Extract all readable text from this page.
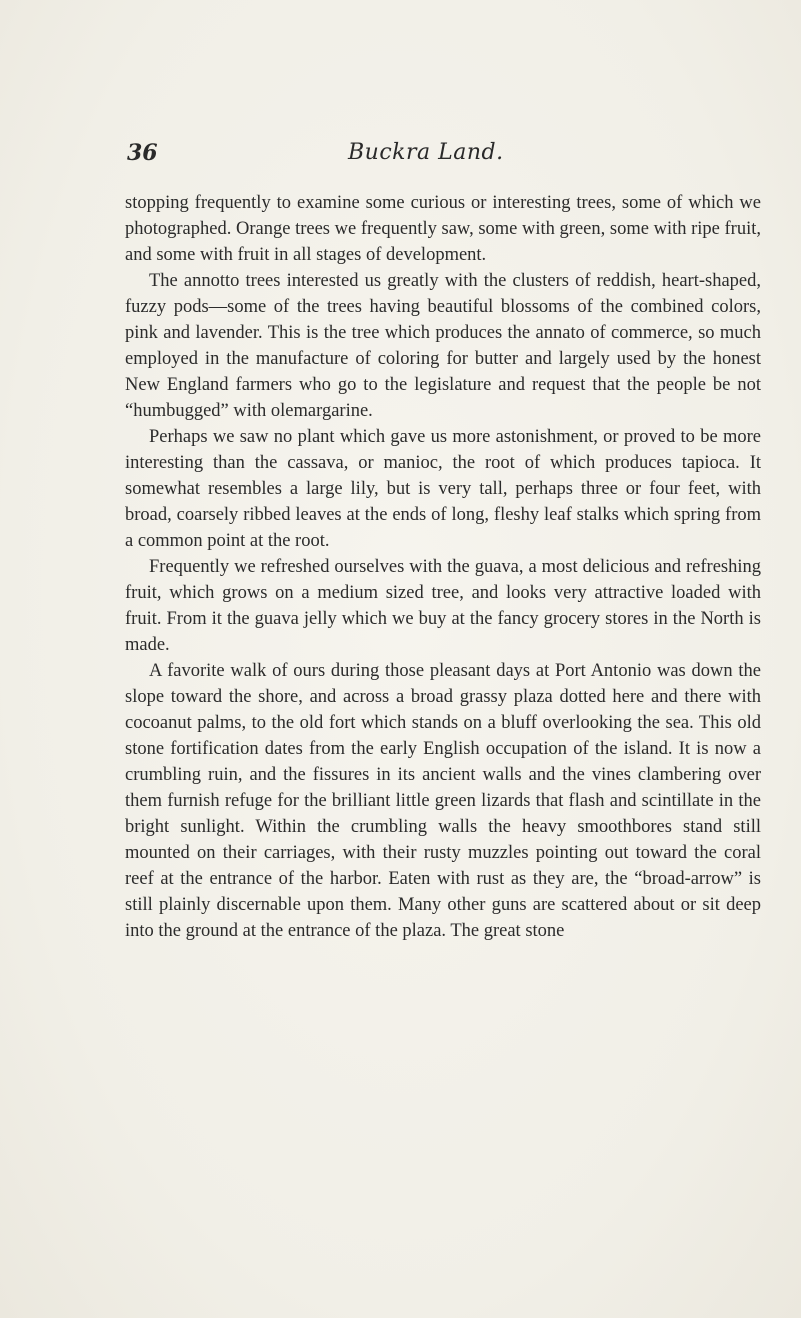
36	Buckra Land.

stopping frequently to examine some curious or interesting trees, some of which we photographed. Orange trees we frequently saw, some with green, some with ripe fruit, and some with fruit in all stages of development.

The annotto trees interested us greatly with the clusters of reddish, heart-shaped, fuzzy pods—some of the trees having beautiful blossoms of the combined colors, pink and lavender. This is the tree which produces the annato of commerce, so much employed in the manufacture of coloring for butter and largely used by the honest New England farmers who go to the legislature and request that the people be not “humbugged” with olemargarine.

Perhaps we saw no plant which gave us more astonishment, or proved to be more interesting than the cassava, or manioc, the root of which produces tapioca. It somewhat resembles a large lily, but is very tall, perhaps three or four feet, with broad, coarsely ribbed leaves at the ends of long, fleshy leaf stalks which spring from a common point at the root.

Frequently we refreshed ourselves with the guava, a most delicious and refreshing fruit, which grows on a medium sized tree, and looks very attractive loaded with fruit. From it the guava jelly which we buy at the fancy grocery stores in the North is made.

A favorite walk of ours during those pleasant days at Port Antonio was down the slope toward the shore, and across a broad grassy plaza dotted here and there with cocoanut palms, to the old fort which stands on a bluff overlooking the sea. This old stone fortification dates from the early English occupation of the island. It is now a crumbling ruin, and the fissures in its ancient walls and the vines clambering over them furnish refuge for the brilliant little green lizards that flash and scintillate in the bright sunlight. Within the crumbling walls the heavy smoothbores stand still mounted on their carriages, with their rusty muzzles pointing out toward the coral reef at the entrance of the harbor. Eaten with rust as they are, the “broad-arrow” is still plainly discernable upon them. Many other guns are scattered about or sit deep into the ground at the entrance of the plaza. The great stone
